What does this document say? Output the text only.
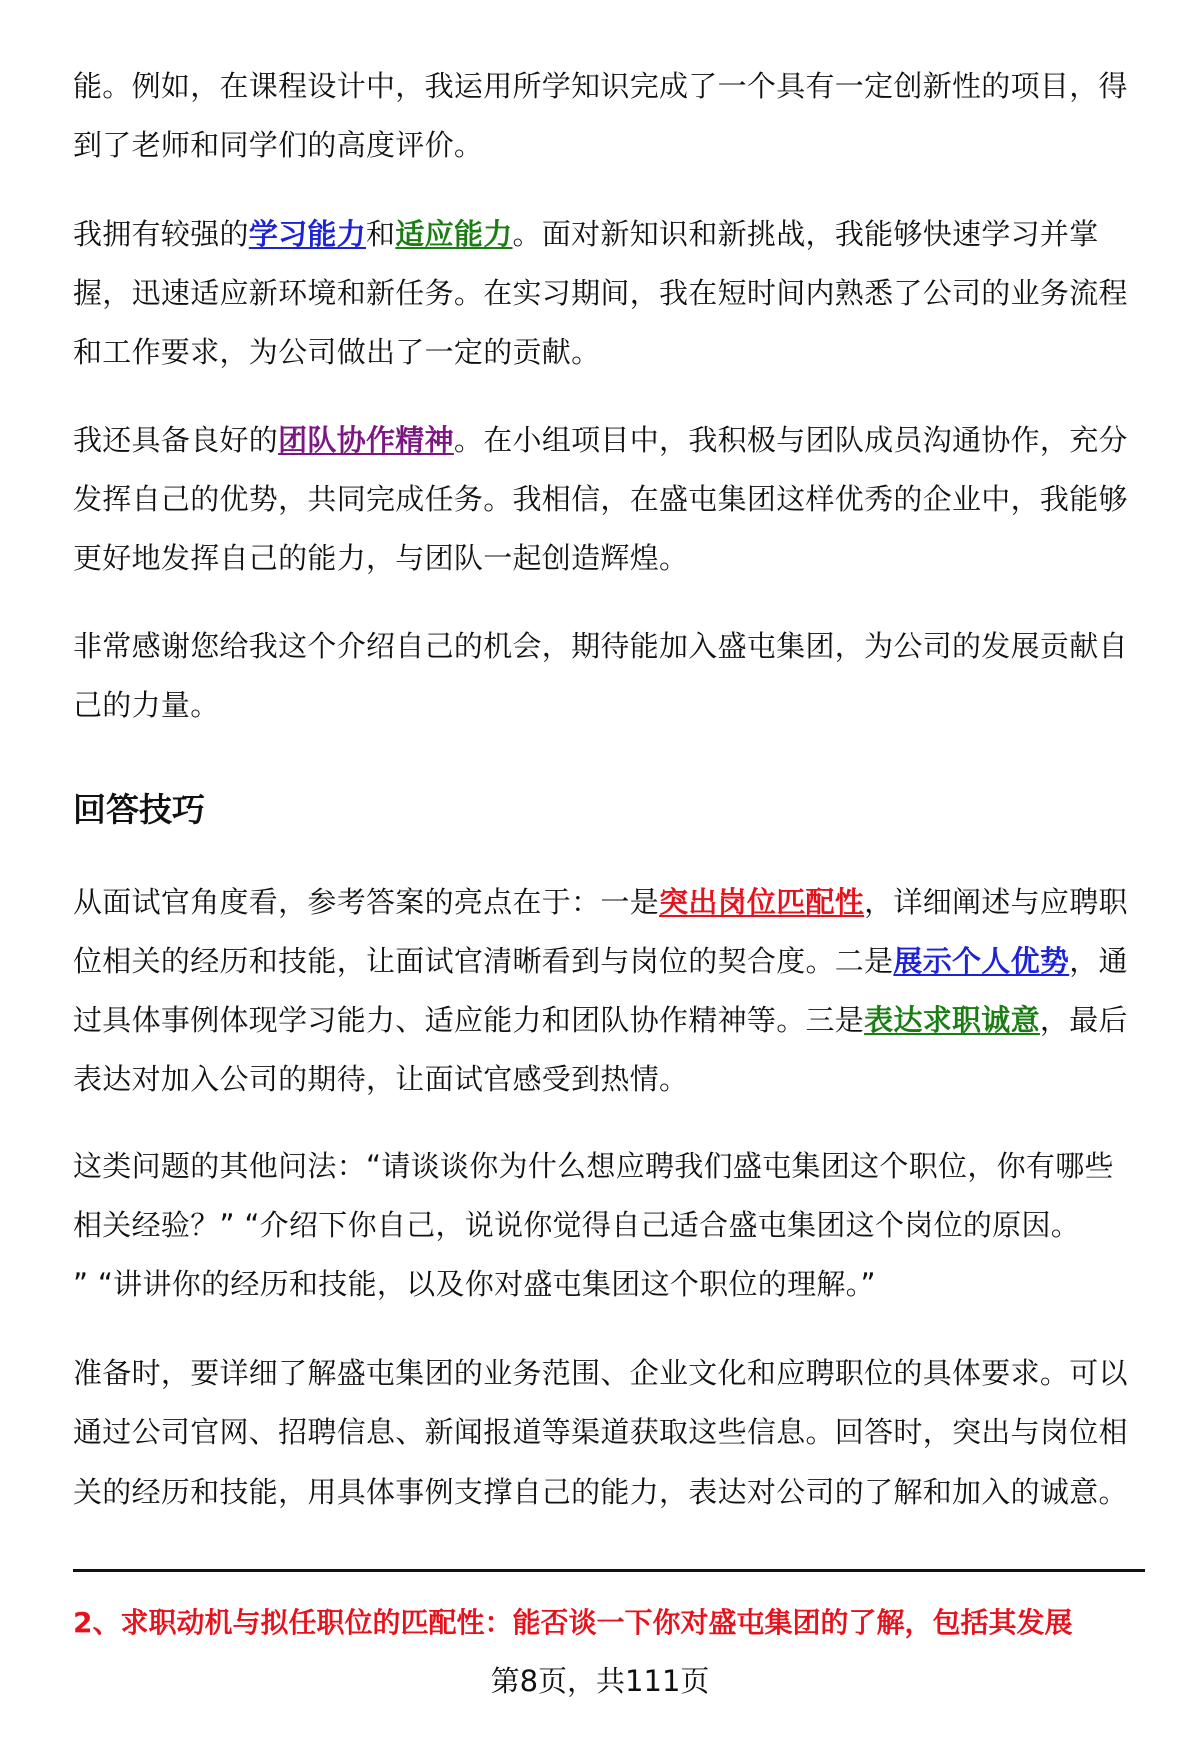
回答技巧
2、求职动机与拟任职位的匹配性：能否谈一下你对盛屯集团的了解，包括其发展
第8页，共111页
能。例如，在课程设计中，我运用所学知识完成了一个具有一定创新性的项目，得
到了老师和同学们的高度评价。
我拥有较强的学习能力和适应能力。面对新知识和新挑战，我能够快速学习并掌
握，迅速适应新环境和新任务。在实习期间，我在短时间内熟悉了公司的业务流程
和工作要求，为公司做出了一定的贡献。
我还具备良好的团队协作精神。在小组项目中，我积极与团队成员沟通协作，充分
发挥自己的优势，共同完成任务。我相信，在盛屯集团这样优秀的企业中，我能够
更好地发挥自己的能力，与团队一起创造辉煌。
非常感谢您给我这个介绍自己的机会，期待能加入盛屯集团，为公司的发展贡献自
己的力量。
从面试官角度看，参考答案的亮点在于：一是突出岗位匹配性，详细阐述与应聘职
位相关的经历和技能，让面试官清晰看到与岗位的契合度。二是展示个人优势，通
过具体事例体现学习能力、适应能力和团队协作精神等。三是表达求职诚意，最后
表达对加入公司的期待，让面试官感受到热情。
这类问题的其他问法：“请谈谈你为什么想应聘我们盛屯集团这个职位，你有哪些
相关经验？” “介绍下你自己，说说你觉得自己适合盛屯集团这个岗位的原因。
” “讲讲你的经历和技能，以及你对盛屯集团这个职位的理解。”
准备时，要详细了解盛屯集团的业务范围、企业文化和应聘职位的具体要求。可以
通过公司官网、招聘信息、新闻报道等渠道获取这些信息。回答时，突出与岗位相
关的经历和技能，用具体事例支撑自己的能力，表达对公司的了解和加入的诚意。
